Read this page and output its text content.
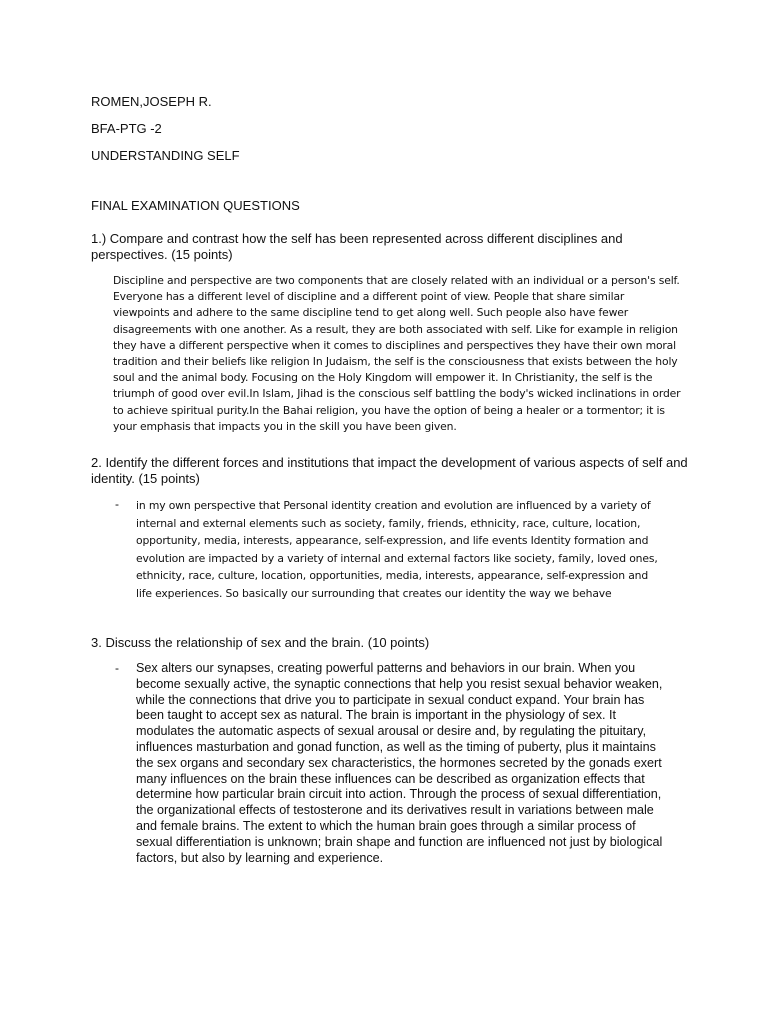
ROMEN,JOSEPH R.

BFA-PTG -2

UNDERSTANDING SELF

FINAL EXAMINATION QUESTIONS

1.) Compare and contrast how the self has been represented across different disciplines and perspectives. (15 points)

Discipline and perspective are two components that are closely related with an individual or a person's self. Everyone has a different level of discipline and a different point of view. People that share similar viewpoints and adhere to the same discipline tend to get along well. Such people also have fewer disagreements with one another. As a result, they are both associated with self. Like for example in religion they have a different perspective when it comes to disciplines and perspectives they have their own moral tradition and their beliefs like religion In Judaism, the self is the consciousness that exists between the holy soul and the animal body. Focusing on the Holy Kingdom will empower it. In Christianity, the self is the triumph of good over evil.In Islam, Jihad is the conscious self battling the body's wicked inclinations in order to achieve spiritual purity.In the Bahai religion, you have the option of being a healer or a tormentor; it is your emphasis that impacts you in the skill you have been given.

2. Identify the different forces and institutions that impact the development of various aspects of self and identity. (15 points)

- in my own perspective that Personal identity creation and evolution are influenced by a variety of internal and external elements such as society, family, friends, ethnicity, race, culture, location, opportunity, media, interests, appearance, self-expression, and life events Identity formation and evolution are impacted by a variety of internal and external factors like society, family, loved ones, ethnicity, race, culture, location, opportunities, media, interests, appearance, self-expression and life experiences. So basically our surrounding that creates our identity the way we behave

3. Discuss the relationship of sex and the brain. (10 points)

- Sex alters our synapses, creating powerful patterns and behaviors in our brain. When you become sexually active, the synaptic connections that help you resist sexual behavior weaken, while the connections that drive you to participate in sexual conduct expand. Your brain has been taught to accept sex as natural. The brain is important in the physiology of sex. It modulates the automatic aspects of sexual arousal or desire and, by regulating the pituitary, influences masturbation and gonad function, as well as the timing of puberty, plus it maintains the sex organs and secondary sex characteristics, the hormones secreted by the gonads exert many influences on the brain these influences can be described as organization effects that determine how particular brain circuit into action. Through the process of sexual differentiation, the organizational effects of testosterone and its derivatives result in variations between male and female brains. The extent to which the human brain goes through a similar process of sexual differentiation is unknown; brain shape and function are influenced not just by biological factors, but also by learning and experience.
